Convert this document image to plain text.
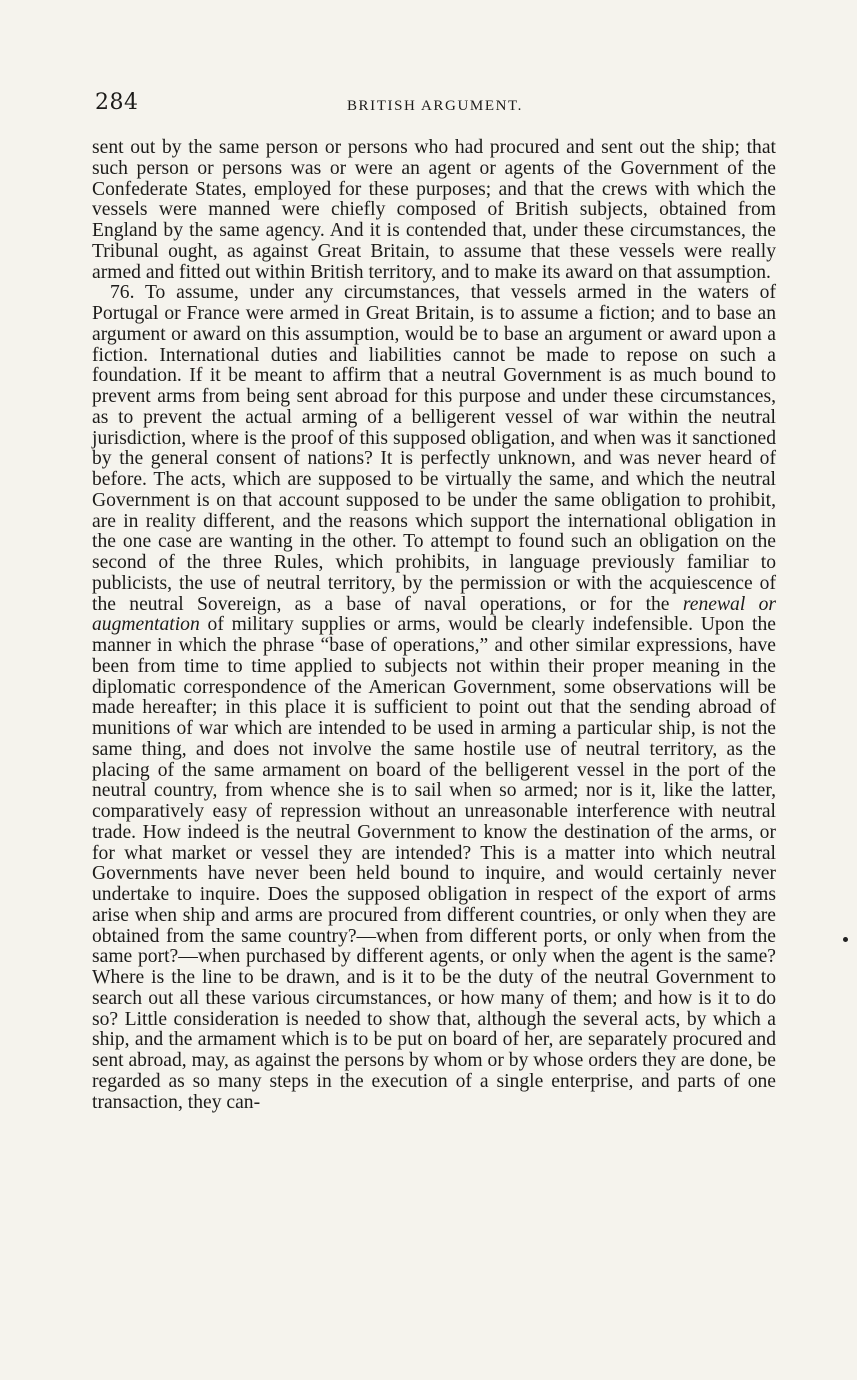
284	BRITISH ARGUMENT.

sent out by the same person or persons who had procured and sent out the ship; that such person or persons was or were an agent or agents of the Government of the Confederate States, employed for these purposes; and that the crews with which the vessels were manned were chiefly composed of British subjects, obtained from England by the same agency. And it is contended that, under these circumstances, the Tribunal ought, as against Great Britain, to assume that these vessels were really armed and fitted out within British territory, and to make its award on that assumption.

76. To assume, under any circumstances, that vessels armed in the waters of Portugal or France were armed in Great Britain, is to assume a fiction; and to base an argument or award on this assumption, would be to base an argument or award upon a fiction. International duties and liabilities cannot be made to repose on such a foundation. If it be meant to affirm that a neutral Government is as much bound to prevent arms from being sent abroad for this purpose and under these circumstances, as to prevent the actual arming of a belligerent vessel of war within the neutral jurisdiction, where is the proof of this supposed obligation, and when was it sanctioned by the general consent of nations? It is perfectly unknown, and was never heard of before. The acts, which are supposed to be virtually the same, and which the neutral Government is on that account supposed to be under the same obligation to prohibit, are in reality different, and the reasons which support the international obligation in the one case are wanting in the other. To attempt to found such an obligation on the second of the three Rules, which prohibits, in language previously familiar to publicists, the use of neutral territory, by the permission or with the acquiescence of the neutral Sovereign, as a base of naval operations, or for the renewal or augmentation of military supplies or arms, would be clearly indefensible. Upon the manner in which the phrase “base of operations,” and other similar expressions, have been from time to time applied to subjects not within their proper meaning in the diplomatic correspondence of the American Government, some observations will be made hereafter; in this place it is sufficient to point out that the sending abroad of munitions of war which are intended to be used in arming a particular ship, is not the same thing, and does not involve the same hostile use of neutral territory, as the placing of the same armament on board of the belligerent vessel in the port of the neutral country, from whence she is to sail when so armed; nor is it, like the latter, comparatively easy of repression without an unreasonable interference with neutral trade. How indeed is the neutral Government to know the destination of the arms, or for what market or vessel they are intended? This is a matter into which neutral Governments have never been held bound to inquire, and would certainly never undertake to inquire. Does the supposed obligation in respect of the export of arms arise when ship and arms are procured from different countries, or only when they are obtained from the same country?—when from different ports, or only when from the same port?—when purchased by different agents, or only when the agent is the same? Where is the line to be drawn, and is it to be the duty of the neutral Government to search out all these various circumstances, or how many of them; and how is it to do so? Little consideration is needed to show that, although the several acts, by which a ship, and the armament which is to be put on board of her, are separately procured and sent abroad, may, as against the persons by whom or by whose orders they are done, be regarded as so many steps in the execution of a single enterprise, and parts of one transaction, they can-
